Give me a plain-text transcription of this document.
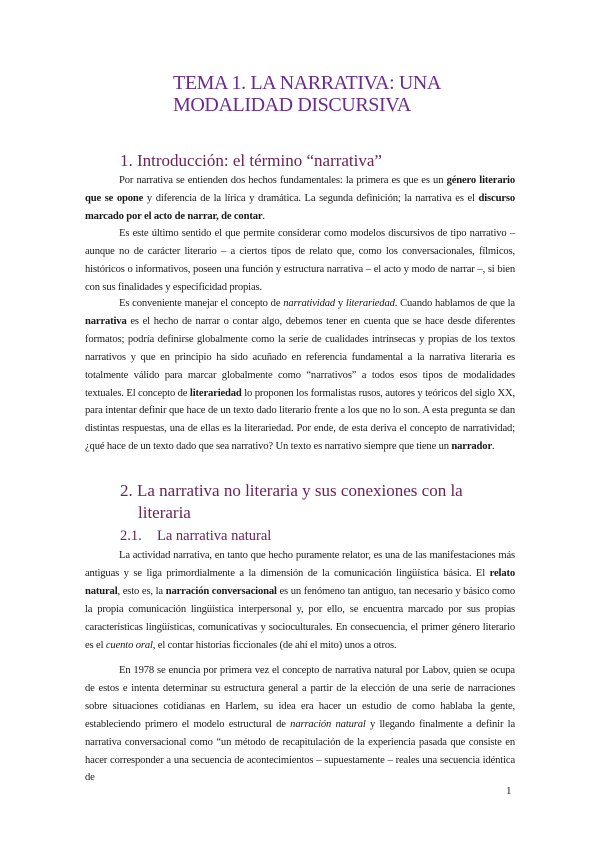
TEMA 1. LA NARRATIVA: UNA
MODALIDAD DISCURSIVA
1. Introducción: el término “narrativa”

Por narrativa se entienden dos hechos fundamentales: la primera es que es un género literario que se opone y diferencia de la lírica y dramática. La segunda definición; la narrativa es el discurso marcado por el acto de narrar, de contar.

Es este último sentido el que permite considerar como modelos discursivos de tipo narrativo – aunque no de carácter literario – a ciertos tipos de relato que, como los conversacionales, fílmicos, históricos o informativos, poseen una función y estructura narrativa – el acto y modo de narrar –, si bien con sus finalidades y especificidad propias.

Es conveniente manejar el concepto de narratividad y literariedad. Cuando hablamos de que la narrativa es el hecho de narrar o contar algo, debemos tener en cuenta que se hace desde diferentes formatos; podría definirse globalmente como la serie de cualidades intrínsecas y propias de los textos narrativos y que en principio ha sido acuñado en referencia fundamental a la narrativa literaria es totalmente válido para marcar globalmente como “narrativos” a todos esos tipos de modalidades textuales. El concepto de literariedad lo proponen los formalistas rusos, autores y teóricos del siglo XX, para intentar definir que hace de un texto dado literario frente a los que no lo son. A esta pregunta se dan distintas respuestas, una de ellas es la literariedad. Por ende, de esta deriva el concepto de narratividad; ¿qué hace de un texto dado que sea narrativo? Un texto es narrativo siempre que tiene un narrador.

2. La narrativa no literaria y sus conexiones con la
literaria
2.1. La narrativa natural

La actividad narrativa, en tanto que hecho puramente relator, es una de las manifestaciones más antiguas y se liga primordialmente a la dimensión de la comunicación lingüística básica. El relato natural, esto es, la narración conversacional es un fenómeno tan antiguo, tan necesario y básico como la propia comunicación lingüística interpersonal y, por ello, se encuentra marcado por sus propias características lingüísticas, comunicativas y socioculturales. En consecuencia, el primer género literario es el cuento oral, el contar historias ficcionales (de ahí el mito) unos a otros.

En 1978 se enuncia por primera vez el concepto de narrativa natural por Labov, quien se ocupa de estos e intenta determinar su estructura general a partir de la elección de una serie de narraciones sobre situaciones cotidianas en Harlem, su idea era hacer un estudio de como hablaba la gente, estableciendo primero el modelo estructural de narración natural y llegando finalmente a definir la narrativa conversacional como “un método de recapitulación de la experiencia pasada que consiste en hacer corresponder a una secuencia de acontecimientos – supuestamente – reales una secuencia idéntica de

1
